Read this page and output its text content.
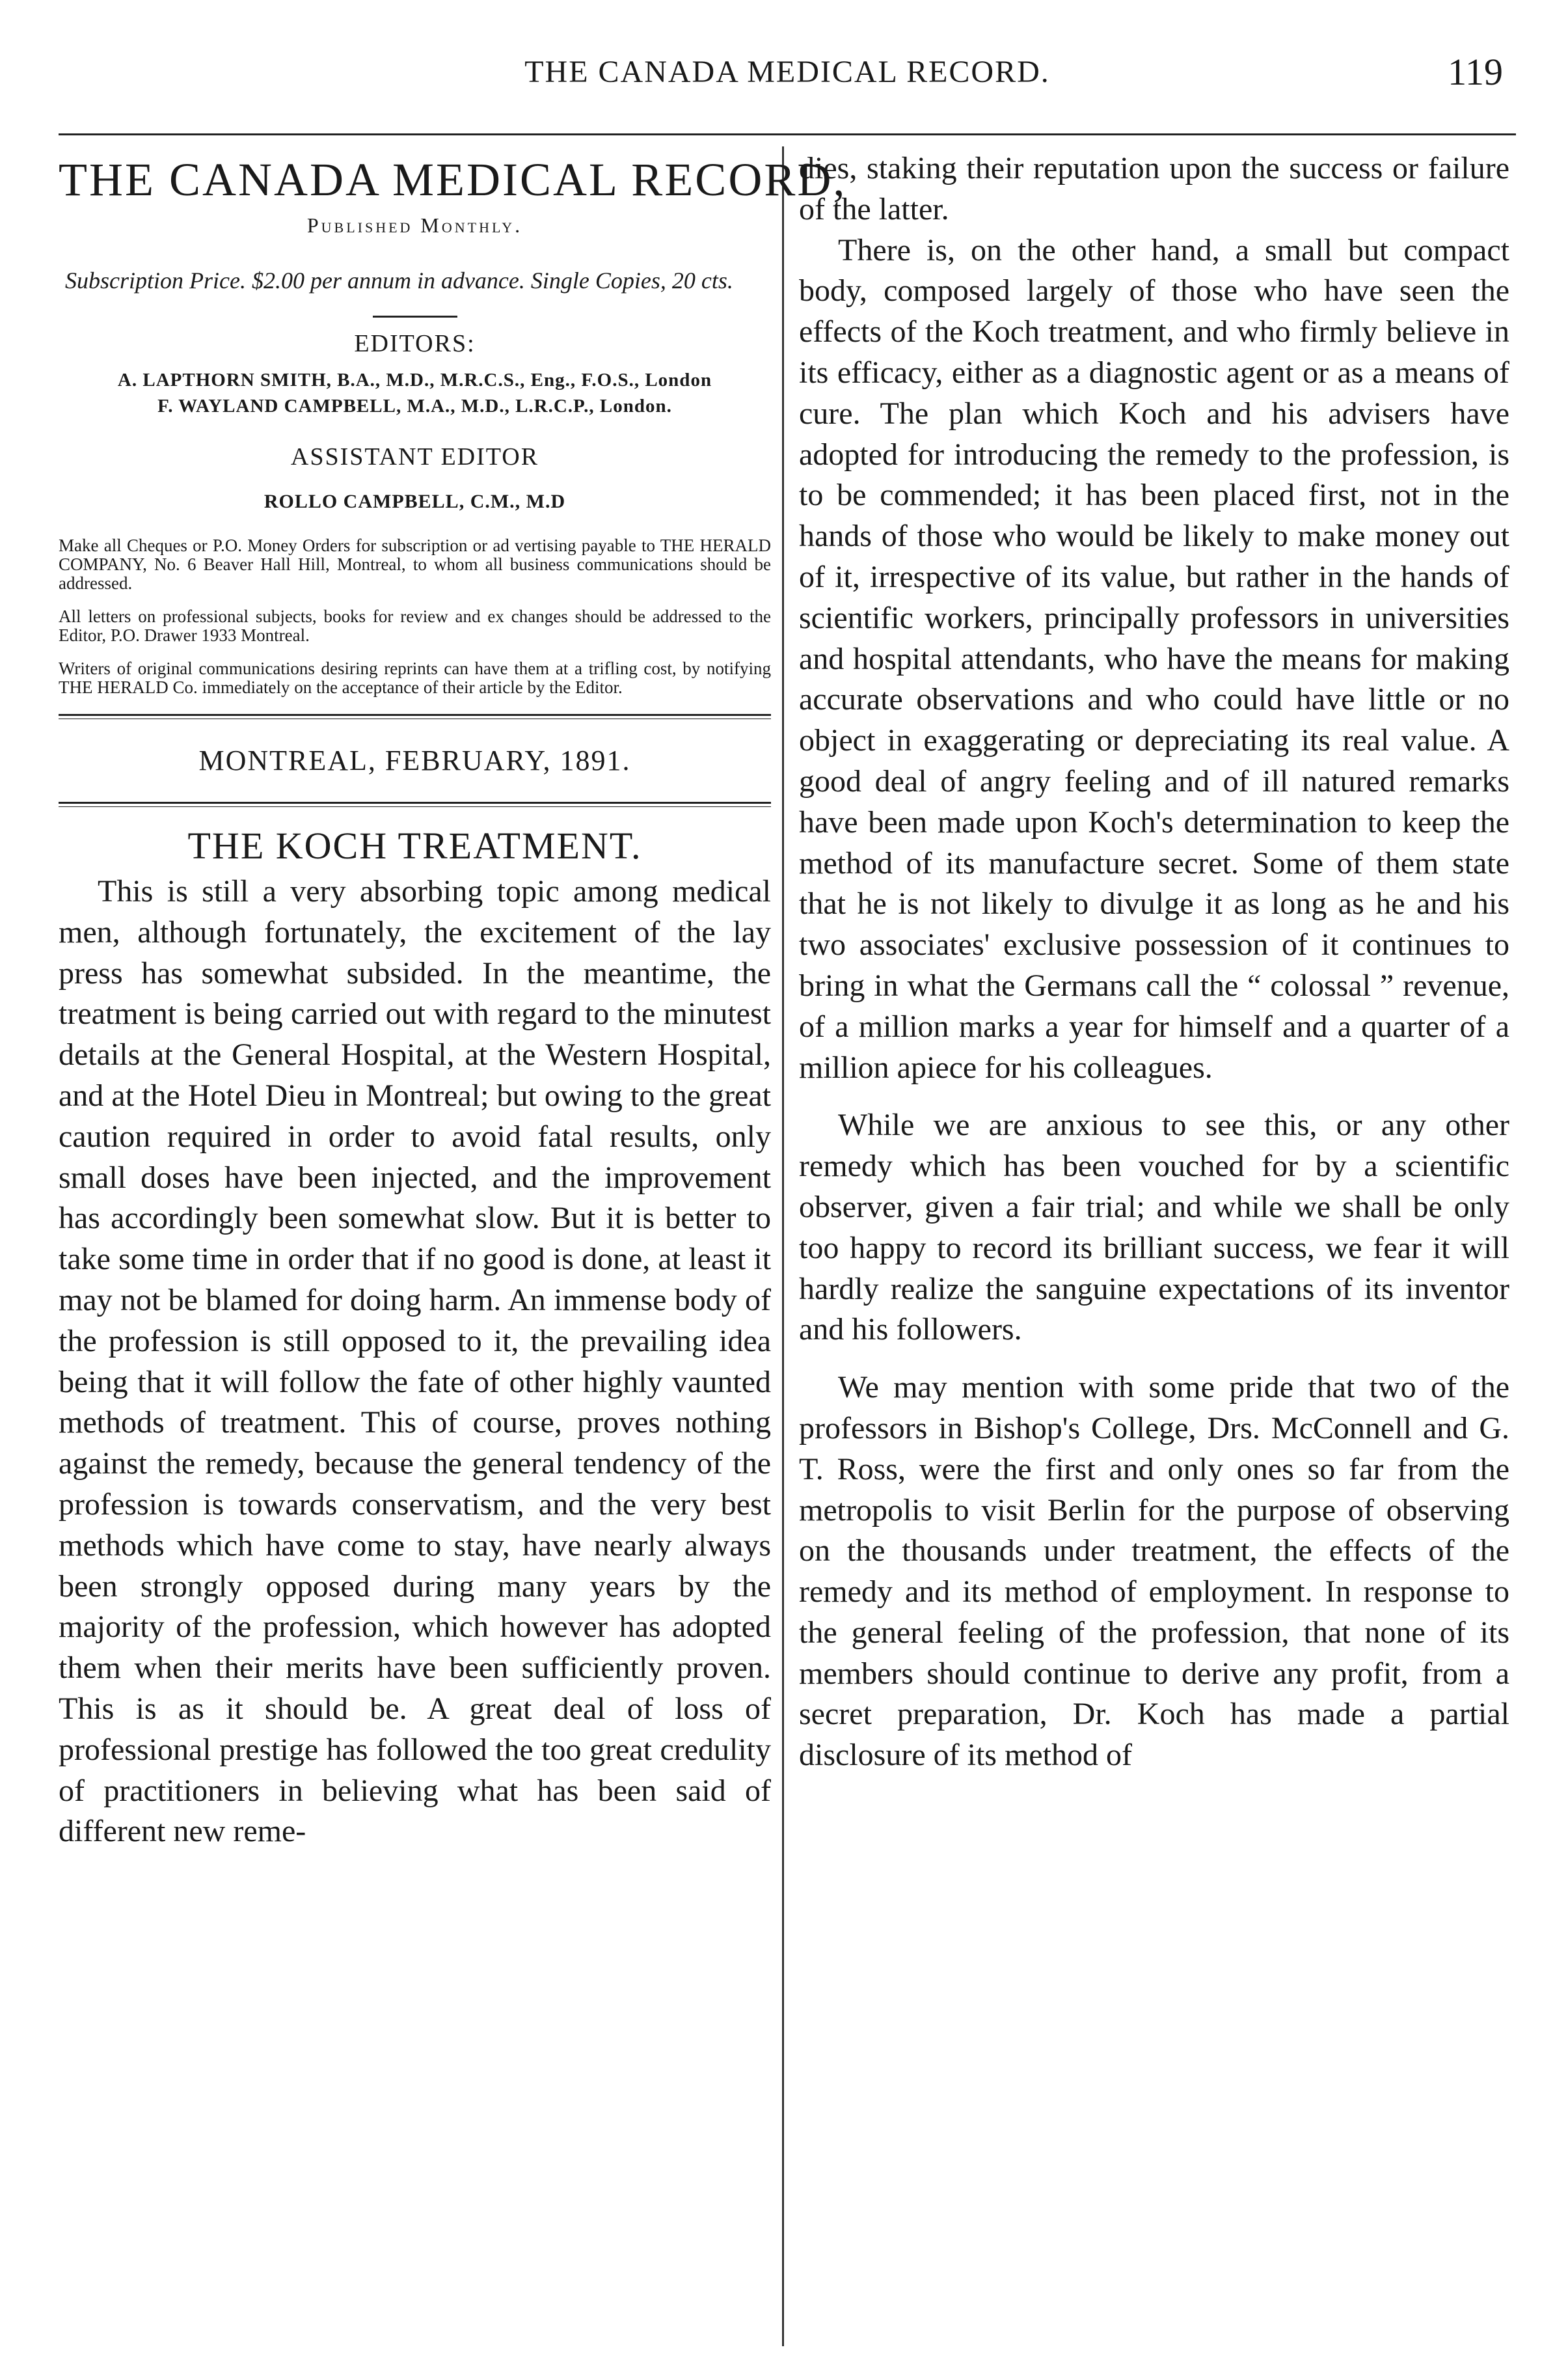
THE CANADA MEDICAL RECORD.	119
THE CANADA MEDICAL RECORD,
Published Monthly.
Subscription Price. $2.00 per annum in advance. Single Copies, 20 cts.
EDITORS:
A. LAPTHORN SMITH, B.A., M.D., M.R.C.S., Eng., F.O.S., London
F. WAYLAND CAMPBELL, M.A., M.D., L.R.C.P., London.
ASSISTANT EDITOR
ROLLO CAMPBELL, C.M., M.D

Make all Cheques or P.O. Money Orders for subscription or ad vertising payable to THE HERALD COMPANY, No. 6 Beaver Hall Hill, Montreal, to whom all business communications should be addressed.

All letters on professional subjects, books for review and ex changes should be addressed to the Editor, P.O. Drawer 1933 Montreal.

Writers of original communications desiring reprints can have them at a trifling cost, by notifying THE HERALD Co. immediately on the acceptance of their article by the Editor.

MONTREAL, FEBRUARY, 1891.
THE KOCH TREATMENT.

This is still a very absorbing topic among medical men, although fortunately, the excitement of the lay press has somewhat subsided. In the meantime, the treatment is being carried out with regard to the minutest details at the General Hospital, at the Western Hospital, and at the Hotel Dieu in Montreal; but owing to the great caution required in order to avoid fatal results, only small doses have been injected, and the improvement has accordingly been somewhat slow. But it is better to take some time in order that if no good is done, at least it may not be blamed for doing harm. An immense body of the profession is still opposed to it, the prevailing idea being that it will follow the fate of other highly vaunted methods of treatment. This of course, proves nothing against the remedy, because the general tendency of the profession is towards conservatism, and the very best methods which have come to stay, have nearly always been strongly opposed during many years by the majority of the profession, which however has adopted them when their merits have been sufficiently proven. This is as it should be. A great deal of loss of professional prestige has followed the too great credulity of practitioners in believing what has been said of different new reme-

dies, staking their reputation upon the success or failure of the latter.

There is, on the other hand, a small but compact body, composed largely of those who have seen the effects of the Koch treatment, and who firmly believe in its efficacy, either as a diagnostic agent or as a means of cure. The plan which Koch and his advisers have adopted for introducing the remedy to the profession, is to be commended; it has been placed first, not in the hands of those who would be likely to make money out of it, irrespective of its value, but rather in the hands of scientific workers, principally professors in universities and hospital attendants, who have the means for making accurate observations and who could have little or no object in exaggerating or depreciating its real value. A good deal of angry feeling and of ill natured remarks have been made upon Koch's determination to keep the method of its manufacture secret. Some of them state that he is not likely to divulge it as long as he and his two associates' exclusive possession of it continues to bring in what the Germans call the “ colossal ” revenue, of a million marks a year for himself and a quarter of a million apiece for his colleagues.

While we are anxious to see this, or any other remedy which has been vouched for by a scientific observer, given a fair trial; and while we shall be only too happy to record its brilliant success, we fear it will hardly realize the sanguine expectations of its inventor and his followers.

We may mention with some pride that two of the professors in Bishop's College, Drs. McConnell and G. T. Ross, were the first and only ones so far from the metropolis to visit Berlin for the purpose of observing on the thousands under treatment, the effects of the remedy and its method of employment. In response to the general feeling of the profession, that none of its members should continue to derive any profit, from a secret preparation, Dr. Koch has made a partial disclosure of its method of
